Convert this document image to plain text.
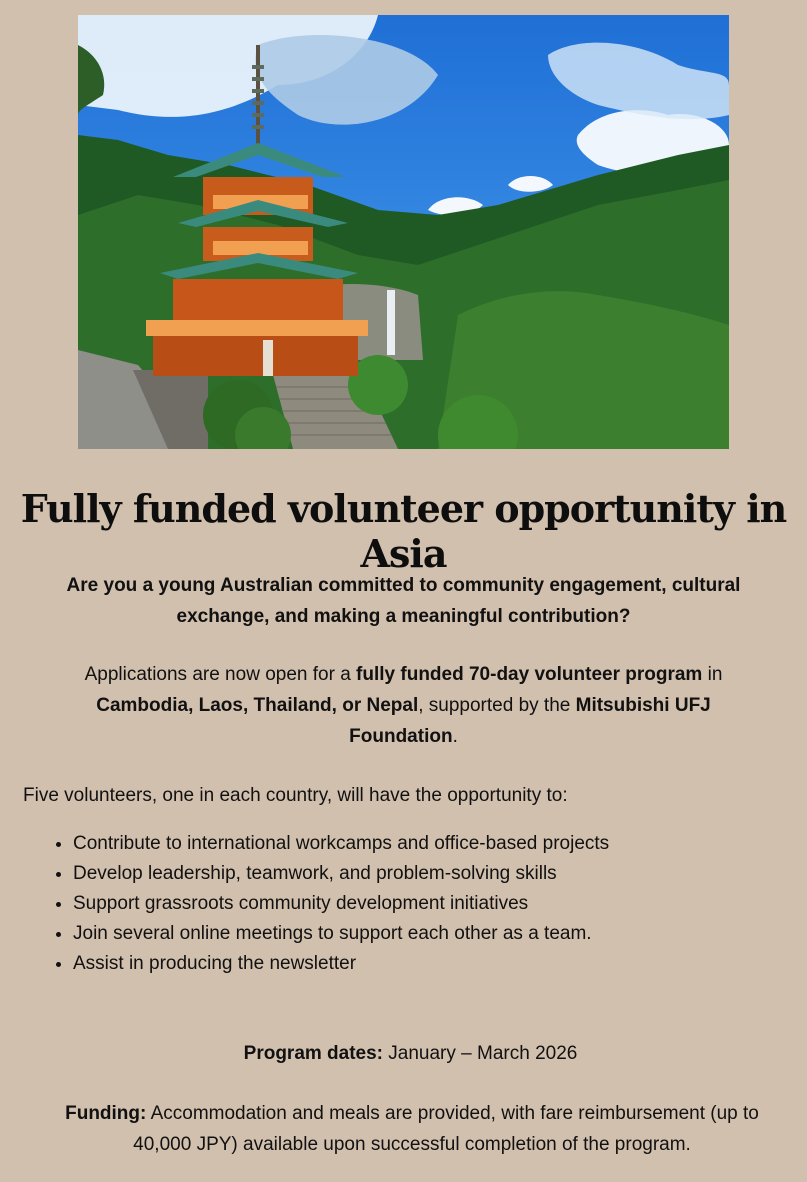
Fully funded volunteer opportunity in Asia

Are you a young Australian committed to community engagement, cultural exchange, and making a meaningful contribution?

Applications are now open for a fully funded 70-day volunteer program in Cambodia, Laos, Thailand, or Nepal, supported by the Mitsubishi UFJ Foundation.

Five volunteers, one in each country, will have the opportunity to:

• Contribute to international workcamps and office-based projects
• Develop leadership, teamwork, and problem-solving skills
• Support grassroots community development initiatives
• Join several online meetings to support each other as a team.
• Assist in producing the newsletter

Program dates: January – March 2026

Funding: Accommodation and meals are provided, with fare reimbursement (up to 40,000 JPY) available upon successful completion of the program.
